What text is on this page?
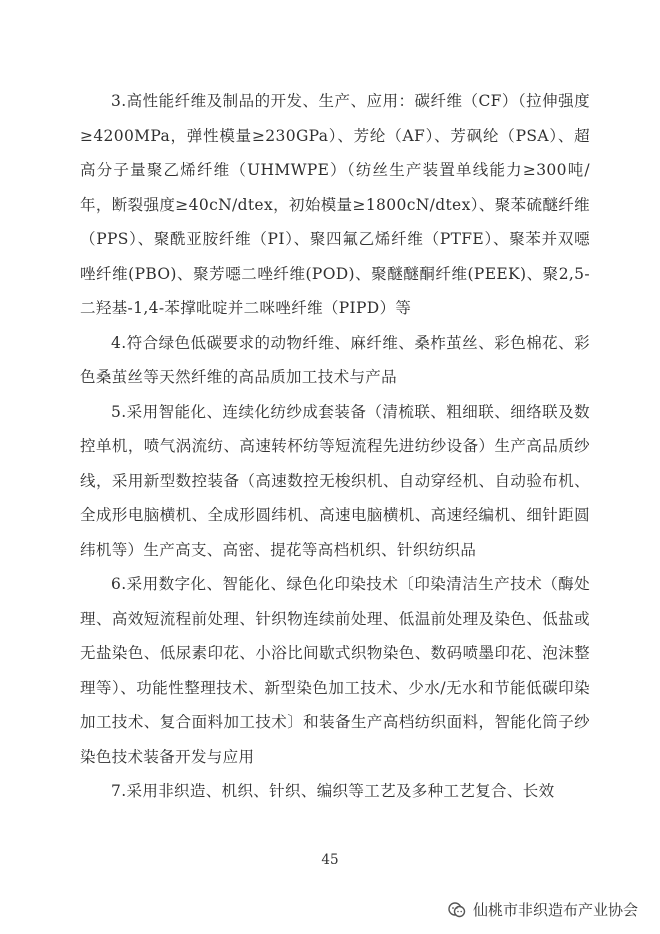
3.高性能纤维及制品的开发、生产、应用：碳纤维（CF）（拉伸强度≥4200MPa，弹性模量≥230GPa）、芳纶（AF）、芳砜纶（PSA）、超高分子量聚乙烯纤维（UHMWPE）（纺丝生产装置单线能力≥300吨/年，断裂强度≥40cN/dtex，初始模量≥1800cN/dtex）、聚苯硫醚纤维（PPS）、聚酰亚胺纤维（PI）、聚四氟乙烯纤维（PTFE）、聚苯并双噁唑纤维(PBO)、聚芳噁二唑纤维(POD)、聚醚醚酮纤维(PEEK)、聚2,5-二羟基-1,4-苯撑吡啶并二咪唑纤维（PIPD）等

4.符合绿色低碳要求的动物纤维、麻纤维、桑柞茧丝、彩色棉花、彩色桑茧丝等天然纤维的高品质加工技术与产品

5.采用智能化、连续化纺纱成套装备（清梳联、粗细联、细络联及数控单机，喷气涡流纺、高速转杯纺等短流程先进纺纱设备）生产高品质纱线，采用新型数控装备（高速数控无梭织机、自动穿经机、自动验布机、全成形电脑横机、全成形圆纬机、高速电脑横机、高速经编机、细针距圆纬机等）生产高支、高密、提花等高档机织、针织纺织品

6.采用数字化、智能化、绿色化印染技术〔印染清洁生产技术（酶处理、高效短流程前处理、针织物连续前处理、低温前处理及染色、低盐或无盐染色、低尿素印花、小浴比间歇式织物染色、数码喷墨印花、泡沫整理等）、功能性整理技术、新型染色加工技术、少水/无水和节能低碳印染加工技术、复合面料加工技术〕和装备生产高档纺织面料，智能化筒子纱染色技术装备开发与应用

7.采用非织造、机织、针织、编织等工艺及多种工艺复合、长效

45
仙桃市非织造布产业协会
